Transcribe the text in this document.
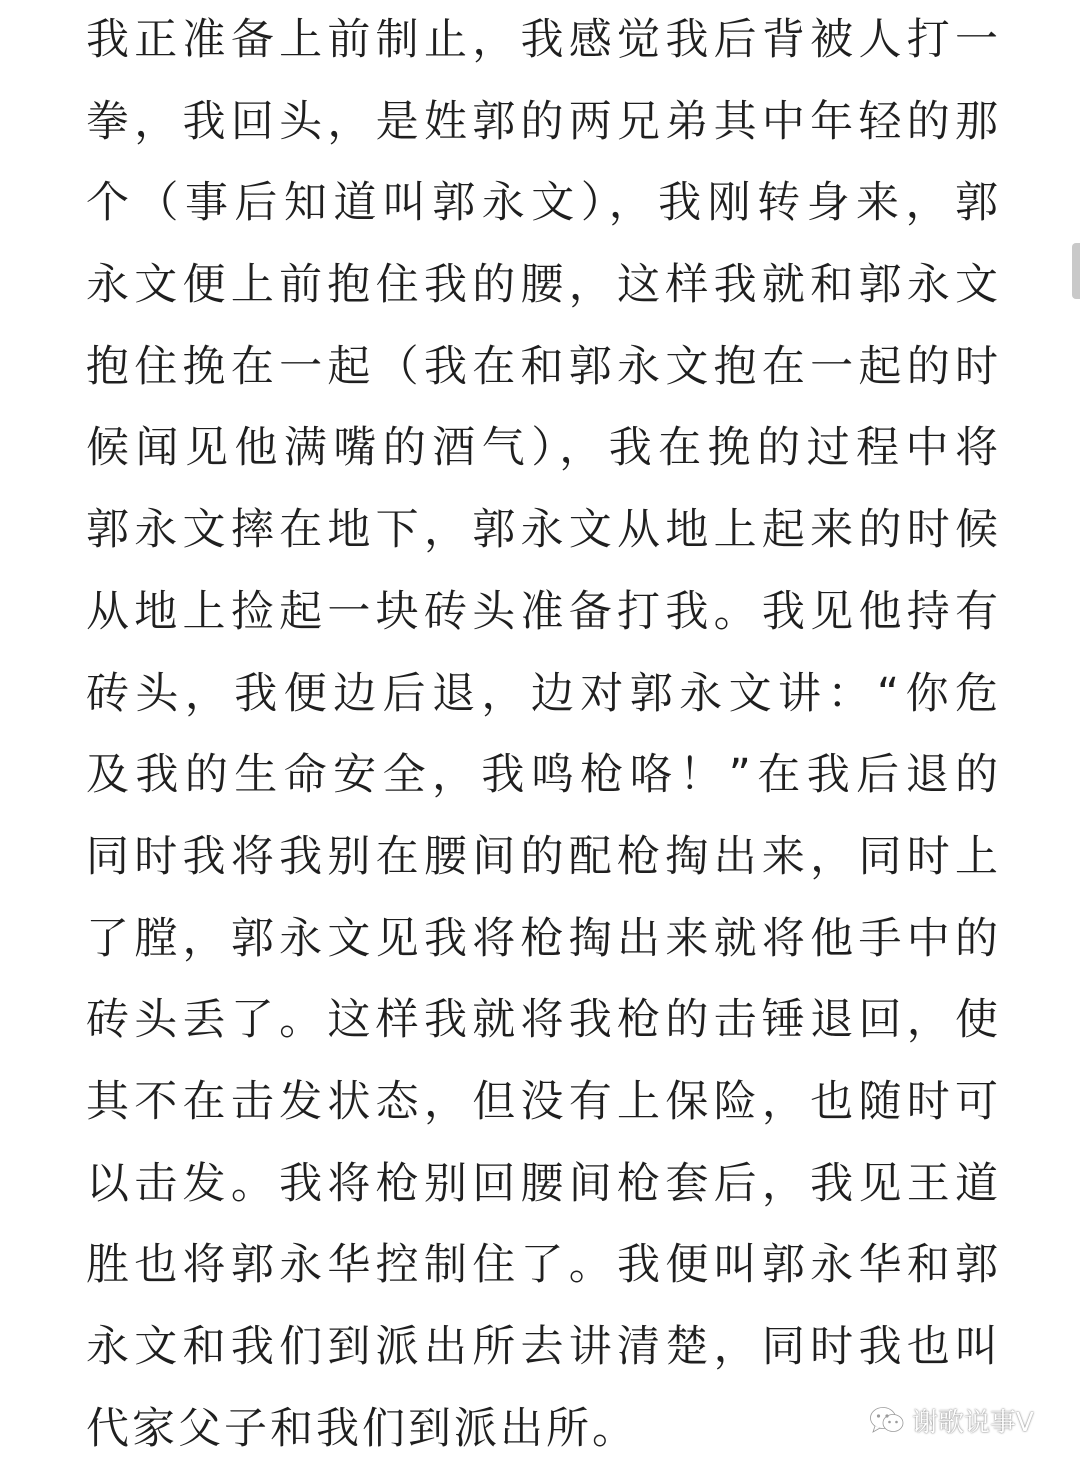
我正准备上前制止，我感觉我后背被人打一
拳，我回头，是姓郭的两兄弟其中年轻的那
个（事后知道叫郭永文），我刚转身来，郭
永文便上前抱住我的腰，这样我就和郭永文
抱住挽在一起（我在和郭永文抱在一起的时
候闻见他满嘴的酒气），我在挽的过程中将
郭永文摔在地下，郭永文从地上起来的时候
从地上捡起一块砖头准备打我。我见他持有
砖头，我便边后退，边对郭永文讲：“你危
及我的生命安全，我鸣枪咯！”在我后退的
同时我将我别在腰间的配枪掏出来，同时上
了膛，郭永文见我将枪掏出来就将他手中的
砖头丢了。这样我就将我枪的击锤退回，使
其不在击发状态，但没有上保险，也随时可
以击发。我将枪别回腰间枪套后，我见王道
胜也将郭永华控制住了。我便叫郭永华和郭
永文和我们到派出所去讲清楚，同时我也叫
代家父子和我们到派出所。	谢歌说事V
